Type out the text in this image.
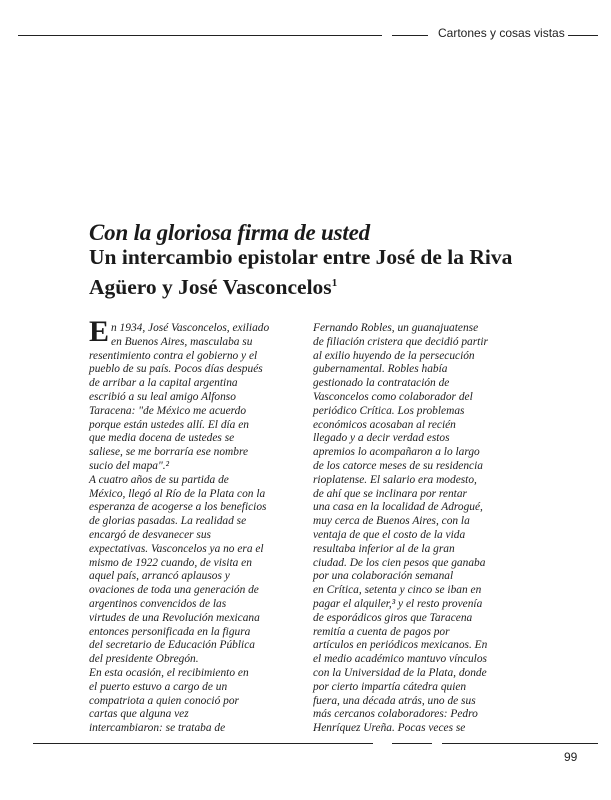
Cartones y cosas vistas
Con la gloriosa firma de usted
Un intercambio epistolar entre José de la Riva Agüero y José Vasconcelos$^1$
E n 1934, José Vasconcelos, exiliado
en Buenos Aires, masculaba su
resentimiento contra el gobierno y el
pueblo de su país. Pocos días después
de arribar a la capital argentina
escribió a su leal amigo Alfonso
Taracena: "de México me acuerdo
porque están ustedes allí. El día en
que media docena de ustedes se
saliese, se me borraría ese nombre
sucio del mapa".²
A cuatro años de su partida de
México, llegó al Río de la Plata con la
esperanza de acogerse a los beneficios
de glorias pasadas. La realidad se
encargó de desvanecer sus
expectativas. Vasconcelos ya no era el
mismo de 1922 cuando, de visita en
aquel país, arrancó aplausos y
ovaciones de toda una generación de
argentinos convencidos de las
virtudes de una Revolución mexicana
entonces personificada en la figura
del secretario de Educación Pública
del presidente Obregón.
En esta ocasión, el recibimiento en
el puerto estuvo a cargo de un
compatriota a quien conoció por
cartas que alguna vez
intercambiaron: se trataba de
Fernando Robles, un guanajuatense
de filiación cristera que decidió partir
al exilio huyendo de la persecución
gubernamental. Robles había
gestionado la contratación de
Vasconcelos como colaborador del
periódico Crítica. Los problemas
económicos acosaban al recién
llegado y a decir verdad estos
apremios lo acompañaron a lo largo
de los catorce meses de su residencia
rioplatense. El salario era modesto,
de ahí que se inclinara por rentar
una casa en la localidad de Adrogué,
muy cerca de Buenos Aires, con la
ventaja de que el costo de la vida
resultaba inferior al de la gran
ciudad. De los cien pesos que ganaba
por una colaboración semanal
en Crítica, setenta y cinco se iban en
pagar el alquiler,³ y el resto provenía
de esporádicos giros que Taracena
remitía a cuenta de pagos por
artículos en periódicos mexicanos. En
el medio académico mantuvo vínculos
con la Universidad de la Plata, donde
por cierto impartía cátedra quien
fuera, una década atrás, uno de sus
más cercanos colaboradores: Pedro
Henríquez Ureña. Pocas veces se
99
